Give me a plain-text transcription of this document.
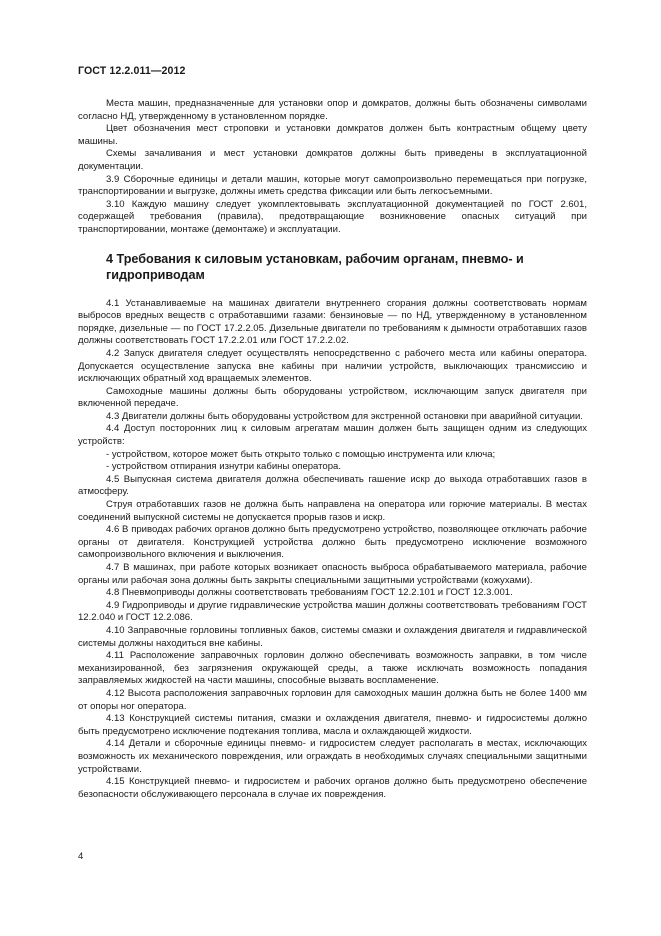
ГОСТ 12.2.011—2012

Места машин, предназначенные для установки опор и домкратов, должны быть обозначены символами согласно НД, утвержденному в установленном порядке.

Цвет обозначения мест строповки и установки домкратов должен быть контрастным общему цвету машины.

Схемы зачаливания и мест установки домкратов должны быть приведены в эксплуатационной документации.

3.9 Сборочные единицы и детали машин, которые могут самопроизвольно перемещаться при погрузке, транспортировании и выгрузке, должны иметь средства фиксации или быть легкосъемными.

3.10 Каждую машину следует укомплектовывать эксплуатационной документацией по ГОСТ 2.601, содержащей требования (правила), предотвращающие возникновение опасных ситуаций при транспортировании, монтаже (демонтаже) и эксплуатации.

4 Требования к силовым установкам, рабочим органам, пневмо- и гидроприводам

4.1 Устанавливаемые на машинах двигатели внутреннего сгорания должны соответствовать нормам выбросов вредных веществ с отработавшими газами: бензиновые — по НД, утвержденному в установленном порядке, дизельные — по ГОСТ 17.2.2.05. Дизельные двигатели по требованиям к дымности отработавших газов должны соответствовать ГОСТ 17.2.2.01 или ГОСТ 17.2.2.02.

4.2 Запуск двигателя следует осуществлять непосредственно с рабочего места или кабины оператора. Допускается осуществление запуска вне кабины при наличии устройств, выключающих трансмиссию и исключающих обратный ход вращаемых элементов.

Самоходные машины должны быть оборудованы устройством, исключающим запуск двигателя при включенной передаче.

4.3 Двигатели должны быть оборудованы устройством для экстренной остановки при аварийной ситуации.

4.4 Доступ посторонних лиц к силовым агрегатам машин должен быть защищен одним из следующих устройств:

- устройством, которое может быть открыто только с помощью инструмента или ключа;

- устройством отпирания изнутри кабины оператора.

4.5 Выпускная система двигателя должна обеспечивать гашение искр до выхода отработавших газов в атмосферу.

Струя отработавших газов не должна быть направлена на оператора или горючие материалы. В местах соединений выпускной системы не допускается прорыв газов и искр.

4.6 В приводах рабочих органов должно быть предусмотрено устройство, позволяющее отключать рабочие органы от двигателя. Конструкцией устройства должно быть предусмотрено исключение возможного самопроизвольного включения и выключения.

4.7 В машинах, при работе которых возникает опасность выброса обрабатываемого материала, рабочие органы или рабочая зона должны быть закрыты специальными защитными устройствами (кожухами).

4.8 Пневмоприводы должны соответствовать требованиям ГОСТ 12.2.101 и ГОСТ 12.3.001.

4.9 Гидроприводы и другие гидравлические устройства машин должны соответствовать требованиям ГОСТ 12.2.040 и ГОСТ 12.2.086.

4.10 Заправочные горловины топливных баков, системы смазки и охлаждения двигателя и гидравлической системы должны находиться вне кабины.

4.11 Расположение заправочных горловин должно обеспечивать возможность заправки, в том числе механизированной, без загрязнения окружающей среды, а также исключать возможность попадания заправляемых жидкостей на части машины, способные вызвать воспламенение.

4.12 Высота расположения заправочных горловин для самоходных машин должна быть не более 1400 мм от опоры ног оператора.

4.13 Конструкцией системы питания, смазки и охлаждения двигателя, пневмо- и гидросистемы должно быть предусмотрено исключение подтекания топлива, масла и охлаждающей жидкости.

4.14 Детали и сборочные единицы пневмо- и гидросистем следует располагать в местах, исключающих возможность их механического повреждения, или ограждать в необходимых случаях специальными защитными устройствами.

4.15 Конструкцией пневмо- и гидросистем и рабочих органов должно быть предусмотрено обеспечение безопасности обслуживающего персонала в случае их повреждения.

4
